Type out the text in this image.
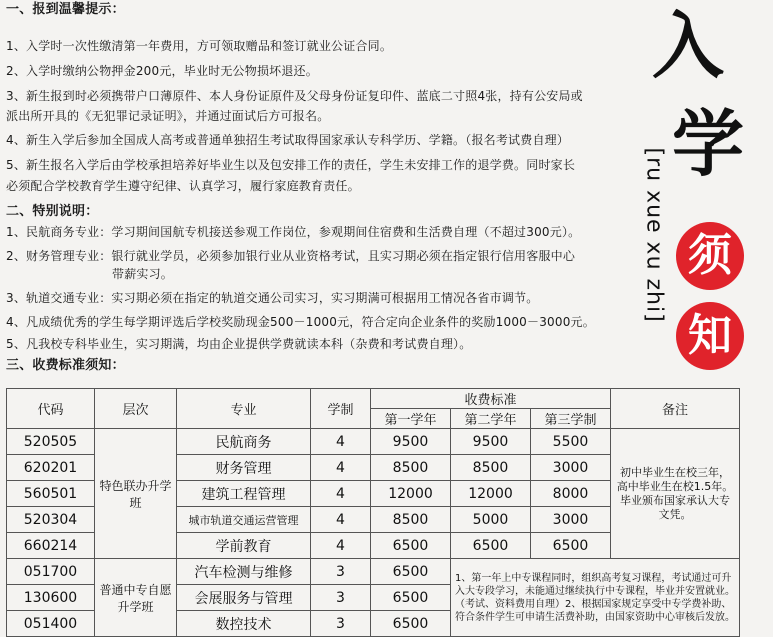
一、报到温馨提示：
1、入学时一次性缴清第一年费用，方可领取赠品和签订就业公证合同。
2、入学时缴纳公物押金200元，毕业时无公物损坏退还。
3、新生报到时必须携带户口薄原件、本人身份证原件及父母身份证复印件、蓝底二寸照4张，持有公安局或
派出所开具的《无犯罪记录证明》，并通过面试后方可报名。
4、新生入学后参加全国成人高考或普通单独招生考试取得国家承认专科学历、学籍。（报名考试费自理）
5、新生报名入学后由学校承担培养好毕业生以及包安排工作的责任，学生未安排工作的退学费。同时家长
必须配合学校教育学生遵守纪律、认真学习，履行家庭教育责任。
二、特别说明：
1、民航商务专业：学习期间国航专机接送参观工作岗位，参观期间住宿费和生活费自理（不超过300元）。
2、财务管理专业：银行就业学员，必须参加银行业从业资格考试，且实习期必须在指定银行信用客服中心
带薪实习。
3、轨道交通专业：实习期必须在指定的轨道交通公司实习，实习期满可根据用工情况各省市调节。
4、凡成绩优秀的学生每学期评选后学校奖励现金500－1000元，符合定向企业条件的奖励1000－3000元。
5、凡我校专科毕业生，实习期满，均由企业提供学费就读本科（杂费和考试费自理）。
三、收费标准须知：
入
学
[ru xue xu zhi] 须
知
代码	层次	专业	学制	收费标准			备注
				第一学年	第二学年	第三学制	
520505	特色联办升学班	民航商务	4	9500	9500	5500	初中毕业生在校三年，高中毕业生在校1.5年。毕业颁布国家承认大专文凭。
620201		财务管理	4	8500	8500	3000	
560501		建筑工程管理	4	12000	12000	8000	
520304		城市轨道交通运营管理	4	8500	5000	3000	
660214		学前教育	4	6500	6500	6500	
051700	普通中专自愿升学班	汽车检测与维修	3	6500	1、第一年上中专课程同时，组织高考复习课程，考试通过可升入大专段学习，未能通过继续执行中专课程，毕业并安置就业。（考试、资料费用自理）2、根据国家规定享受中专学费补助、符合条件学生可申请生活费补助，由国家资助中心审核后发放。		
130600		会展服务与管理	3	6500			
051400		数控技术	3	6500			
